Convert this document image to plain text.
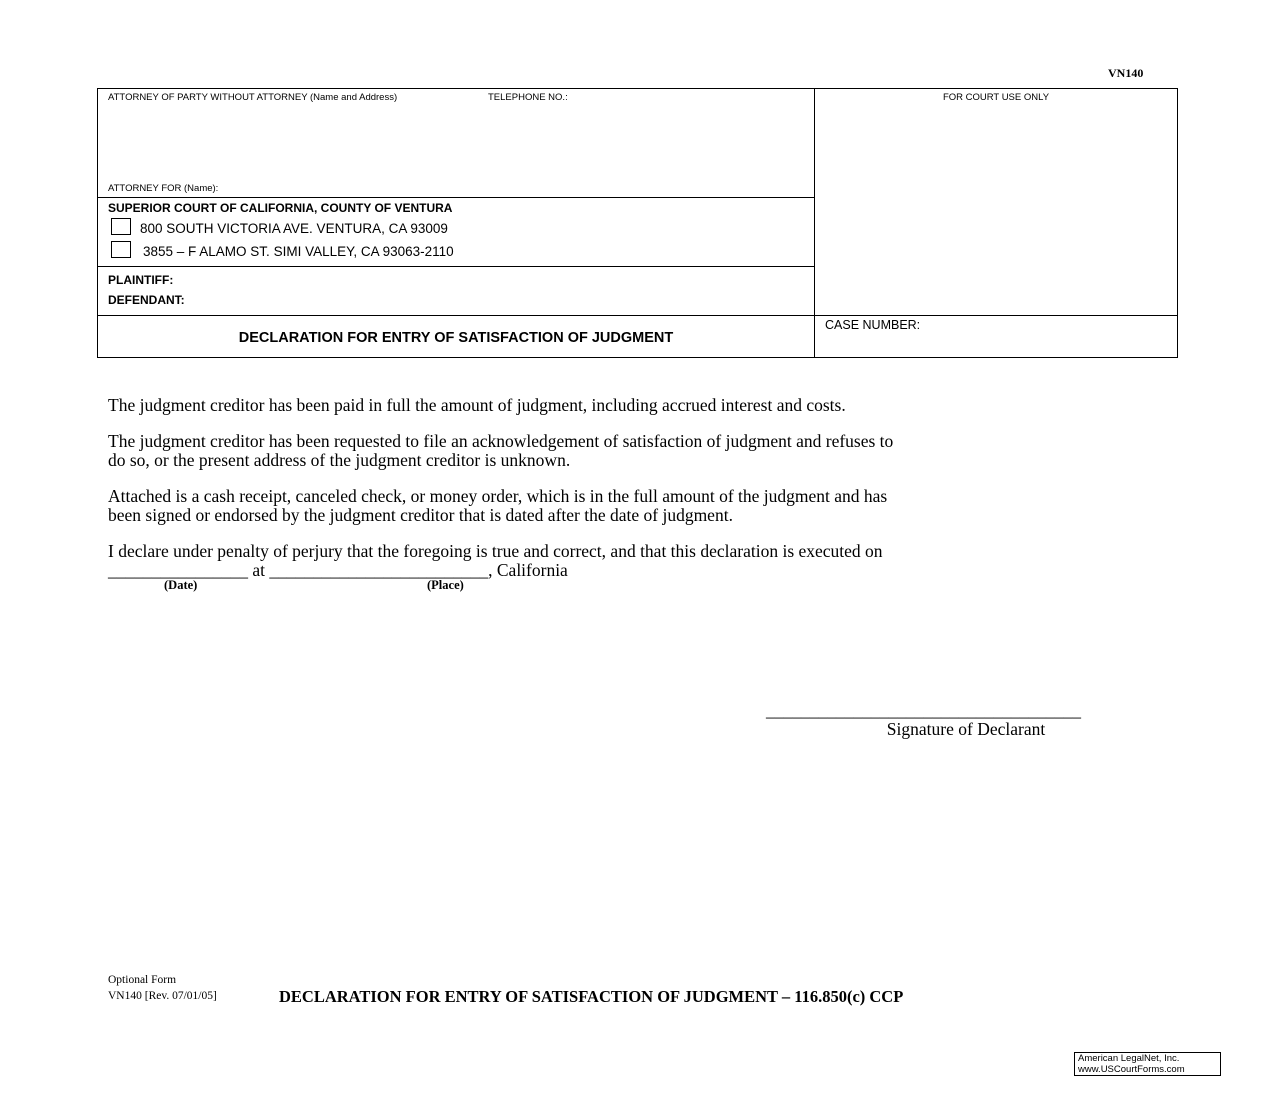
VN140
ATTORNEY OF PARTY WITHOUT ATTORNEY (Name and Address)	TELEPHONE NO.:
ATTORNEY FOR (Name):
FOR COURT USE ONLY
SUPERIOR COURT OF CALIFORNIA, COUNTY OF VENTURA
800 SOUTH VICTORIA AVE. VENTURA, CA 93009
3855 – F ALAMO ST. SIMI VALLEY, CA 93063-2110
PLAINTIFF:
DEFENDANT:
DECLARATION FOR ENTRY OF SATISFACTION OF JUDGMENT
CASE NUMBER:
The judgment creditor has been paid in full the amount of judgment, including accrued interest and costs.
The judgment creditor has been requested to file an acknowledgement of satisfaction of judgment and refuses to
do so, or the present address of the judgment creditor is unknown.
Attached is a cash receipt, canceled check, or money order, which is in the full amount of the judgment and has
been signed or endorsed by the judgment creditor that is dated after the date of judgment.
I declare under penalty of perjury that the foregoing is true and correct, and that this declaration is executed on
________________ at _________________________, California
(Date)	(Place)
____________________________________
Signature of Declarant
Optional Form
VN140 [Rev. 07/01/05]	DECLARATION FOR ENTRY OF SATISFACTION OF JUDGMENT – 116.850(c) CCP
American LegalNet, Inc.
www.USCourtForms.com
